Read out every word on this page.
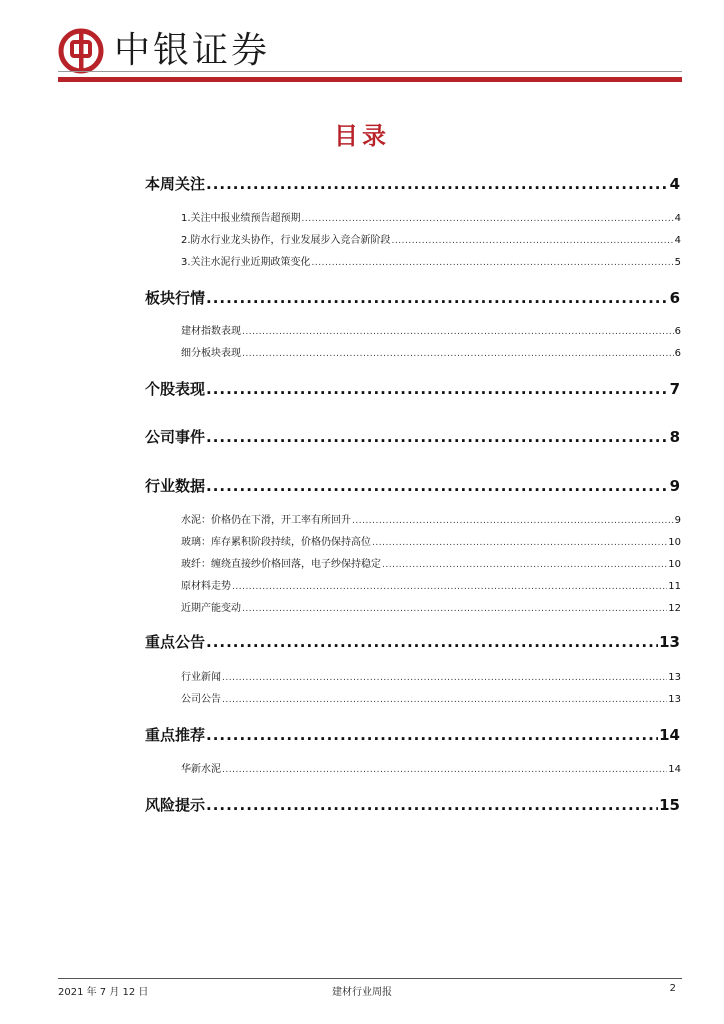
中银证券
目录
本周关注 .....	4
1.关注中报业绩预告超预期 .....	4
2.防水行业龙头协作，行业发展步入竞合新阶段 .....	4
3.关注水泥行业近期政策变化 .....	5
板块行情 .....	6
建材指数表现 .....	6
细分板块表现 .....	6
个股表现 .....	7
公司事件 .....	8
行业数据 .....	9
水泥：价格仍在下滑，开工率有所回升 .....	9
玻璃：库存累积阶段持续，价格仍保持高位 .....	10
玻纤：缠绕直接纱价格回落，电子纱保持稳定 .....	10
原材料走势 .....	11
近期产能变动 .....	12
重点公告 .....	13
行业新闻 .....	13
公司公告 .....	13
重点推荐 .....	14
华新水泥 .....	14
风险提示 .....	15
2021 年 7 月 12 日	建材行业周报	2
